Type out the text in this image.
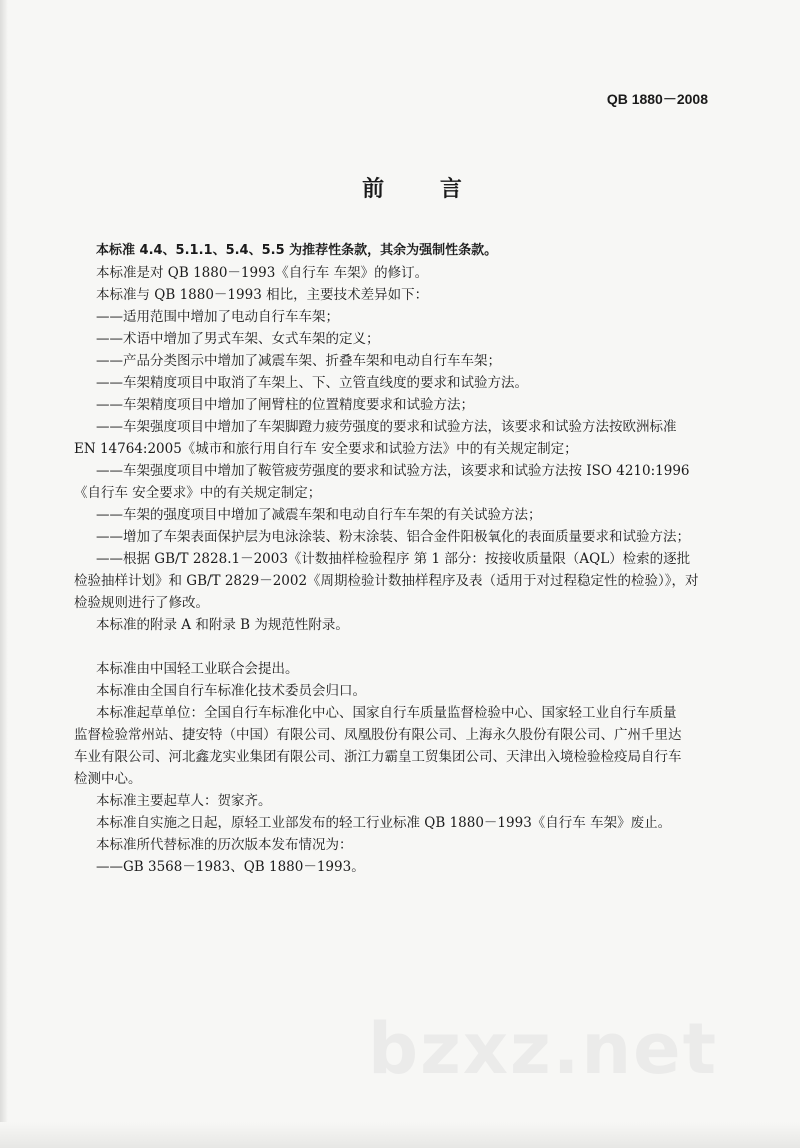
QB 1880－2008
前 言

本标准 4.4、5.1.1、5.4、5.5 为推荐性条款，其余为强制性条款。

本标准是对 QB 1880－1993《自行车 车架》的修订。

本标准与 QB 1880－1993 相比，主要技术差异如下：

——适用范围中增加了电动自行车车架；

——术语中增加了男式车架、女式车架的定义；

——产品分类图示中增加了减震车架、折叠车架和电动自行车车架；

——车架精度项目中取消了车架上、下、立管直线度的要求和试验方法。

——车架精度项目中增加了闸臂柱的位置精度要求和试验方法；

——车架强度项目中增加了车架脚蹬力疲劳强度的要求和试验方法，该要求和试验方法按欧洲标准

EN 14764:2005《城市和旅行用自行车 安全要求和试验方法》中的有关规定制定；

——车架强度项目中增加了鞍管疲劳强度的要求和试验方法，该要求和试验方法按 ISO 4210:1996

《自行车 安全要求》中的有关规定制定；

——车架的强度项目中增加了减震车架和电动自行车车架的有关试验方法；

——增加了车架表面保护层为电泳涂装、粉末涂装、铝合金件阳极氧化的表面质量要求和试验方法；

——根据 GB/T 2828.1－2003《计数抽样检验程序 第 1 部分：按接收质量限（AQL）检索的逐批

检验抽样计划》和 GB/T 2829－2002《周期检验计数抽样程序及表（适用于对过程稳定性的检验）》，对

检验规则进行了修改。

本标准的附录 A 和附录 B 为规范性附录。

本标准由中国轻工业联合会提出。

本标准由全国自行车标准化技术委员会归口。

本标准起草单位：全国自行车标准化中心、国家自行车质量监督检验中心、国家轻工业自行车质量

监督检验常州站、捷安特（中国）有限公司、凤凰股份有限公司、上海永久股份有限公司、广州千里达

车业有限公司、河北鑫龙实业集团有限公司、浙江力霸皇工贸集团公司、天津出入境检验检疫局自行车

检测中心。

本标准主要起草人：贺家齐。

本标准自实施之日起，原轻工业部发布的轻工行业标准 QB 1880－1993《自行车 车架》废止。

本标准所代替标准的历次版本发布情况为：

——GB 3568－1983、QB 1880－1993。

bzxz.net
